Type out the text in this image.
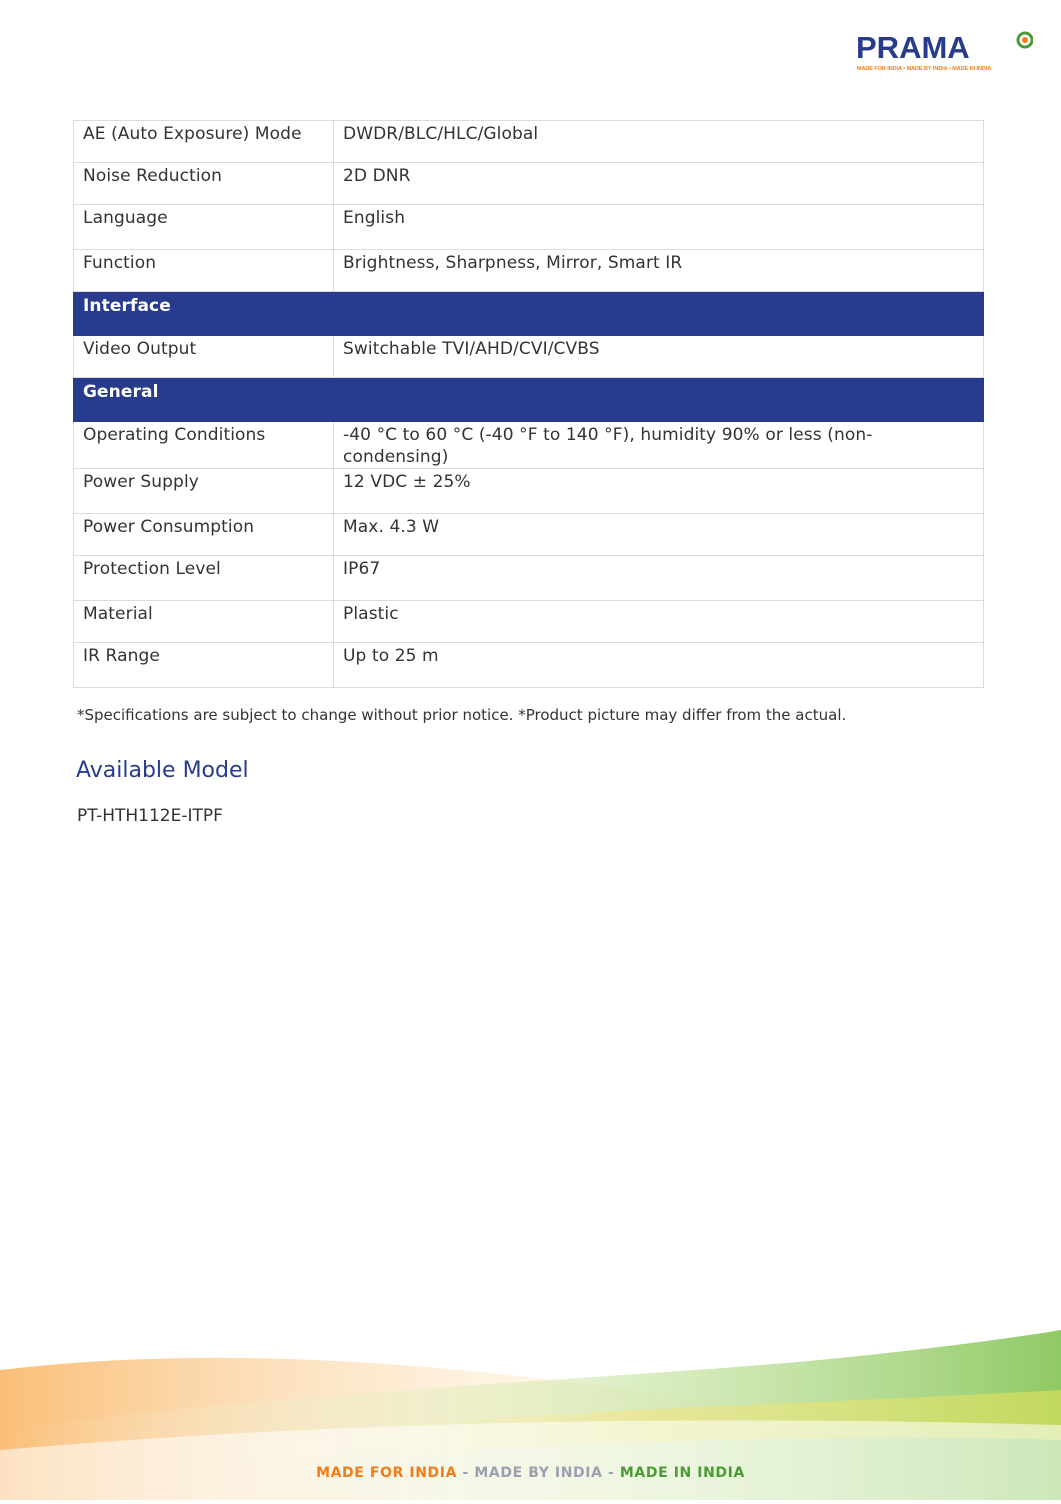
PRAMA
MADE FOR INDIA • MADE BY INDIA • MADE IN INDIA
AE (Auto Exposure) Mode	DWDR/BLC/HLC/Global
Noise Reduction	2D DNR
Language	English
Function	Brightness, Sharpness, Mirror, Smart IR
Interface	
Video Output	Switchable TVI/AHD/CVI/CVBS
General	
Operating Conditions	-40 °C to 60 °C (-40 °F to 140 °F), humidity 90% or less (non-condensing)
Power Supply	12 VDC ± 25%
Power Consumption	Max. 4.3 W
Protection Level	IP67
Material	Plastic
IR Range	Up to 25 m
*Specifications are subject to change without prior notice. *Product picture may differ from the actual.
Available Model
PT-HTH112E-ITPF
MADE FOR INDIA - MADE BY INDIA - MADE IN INDIA
